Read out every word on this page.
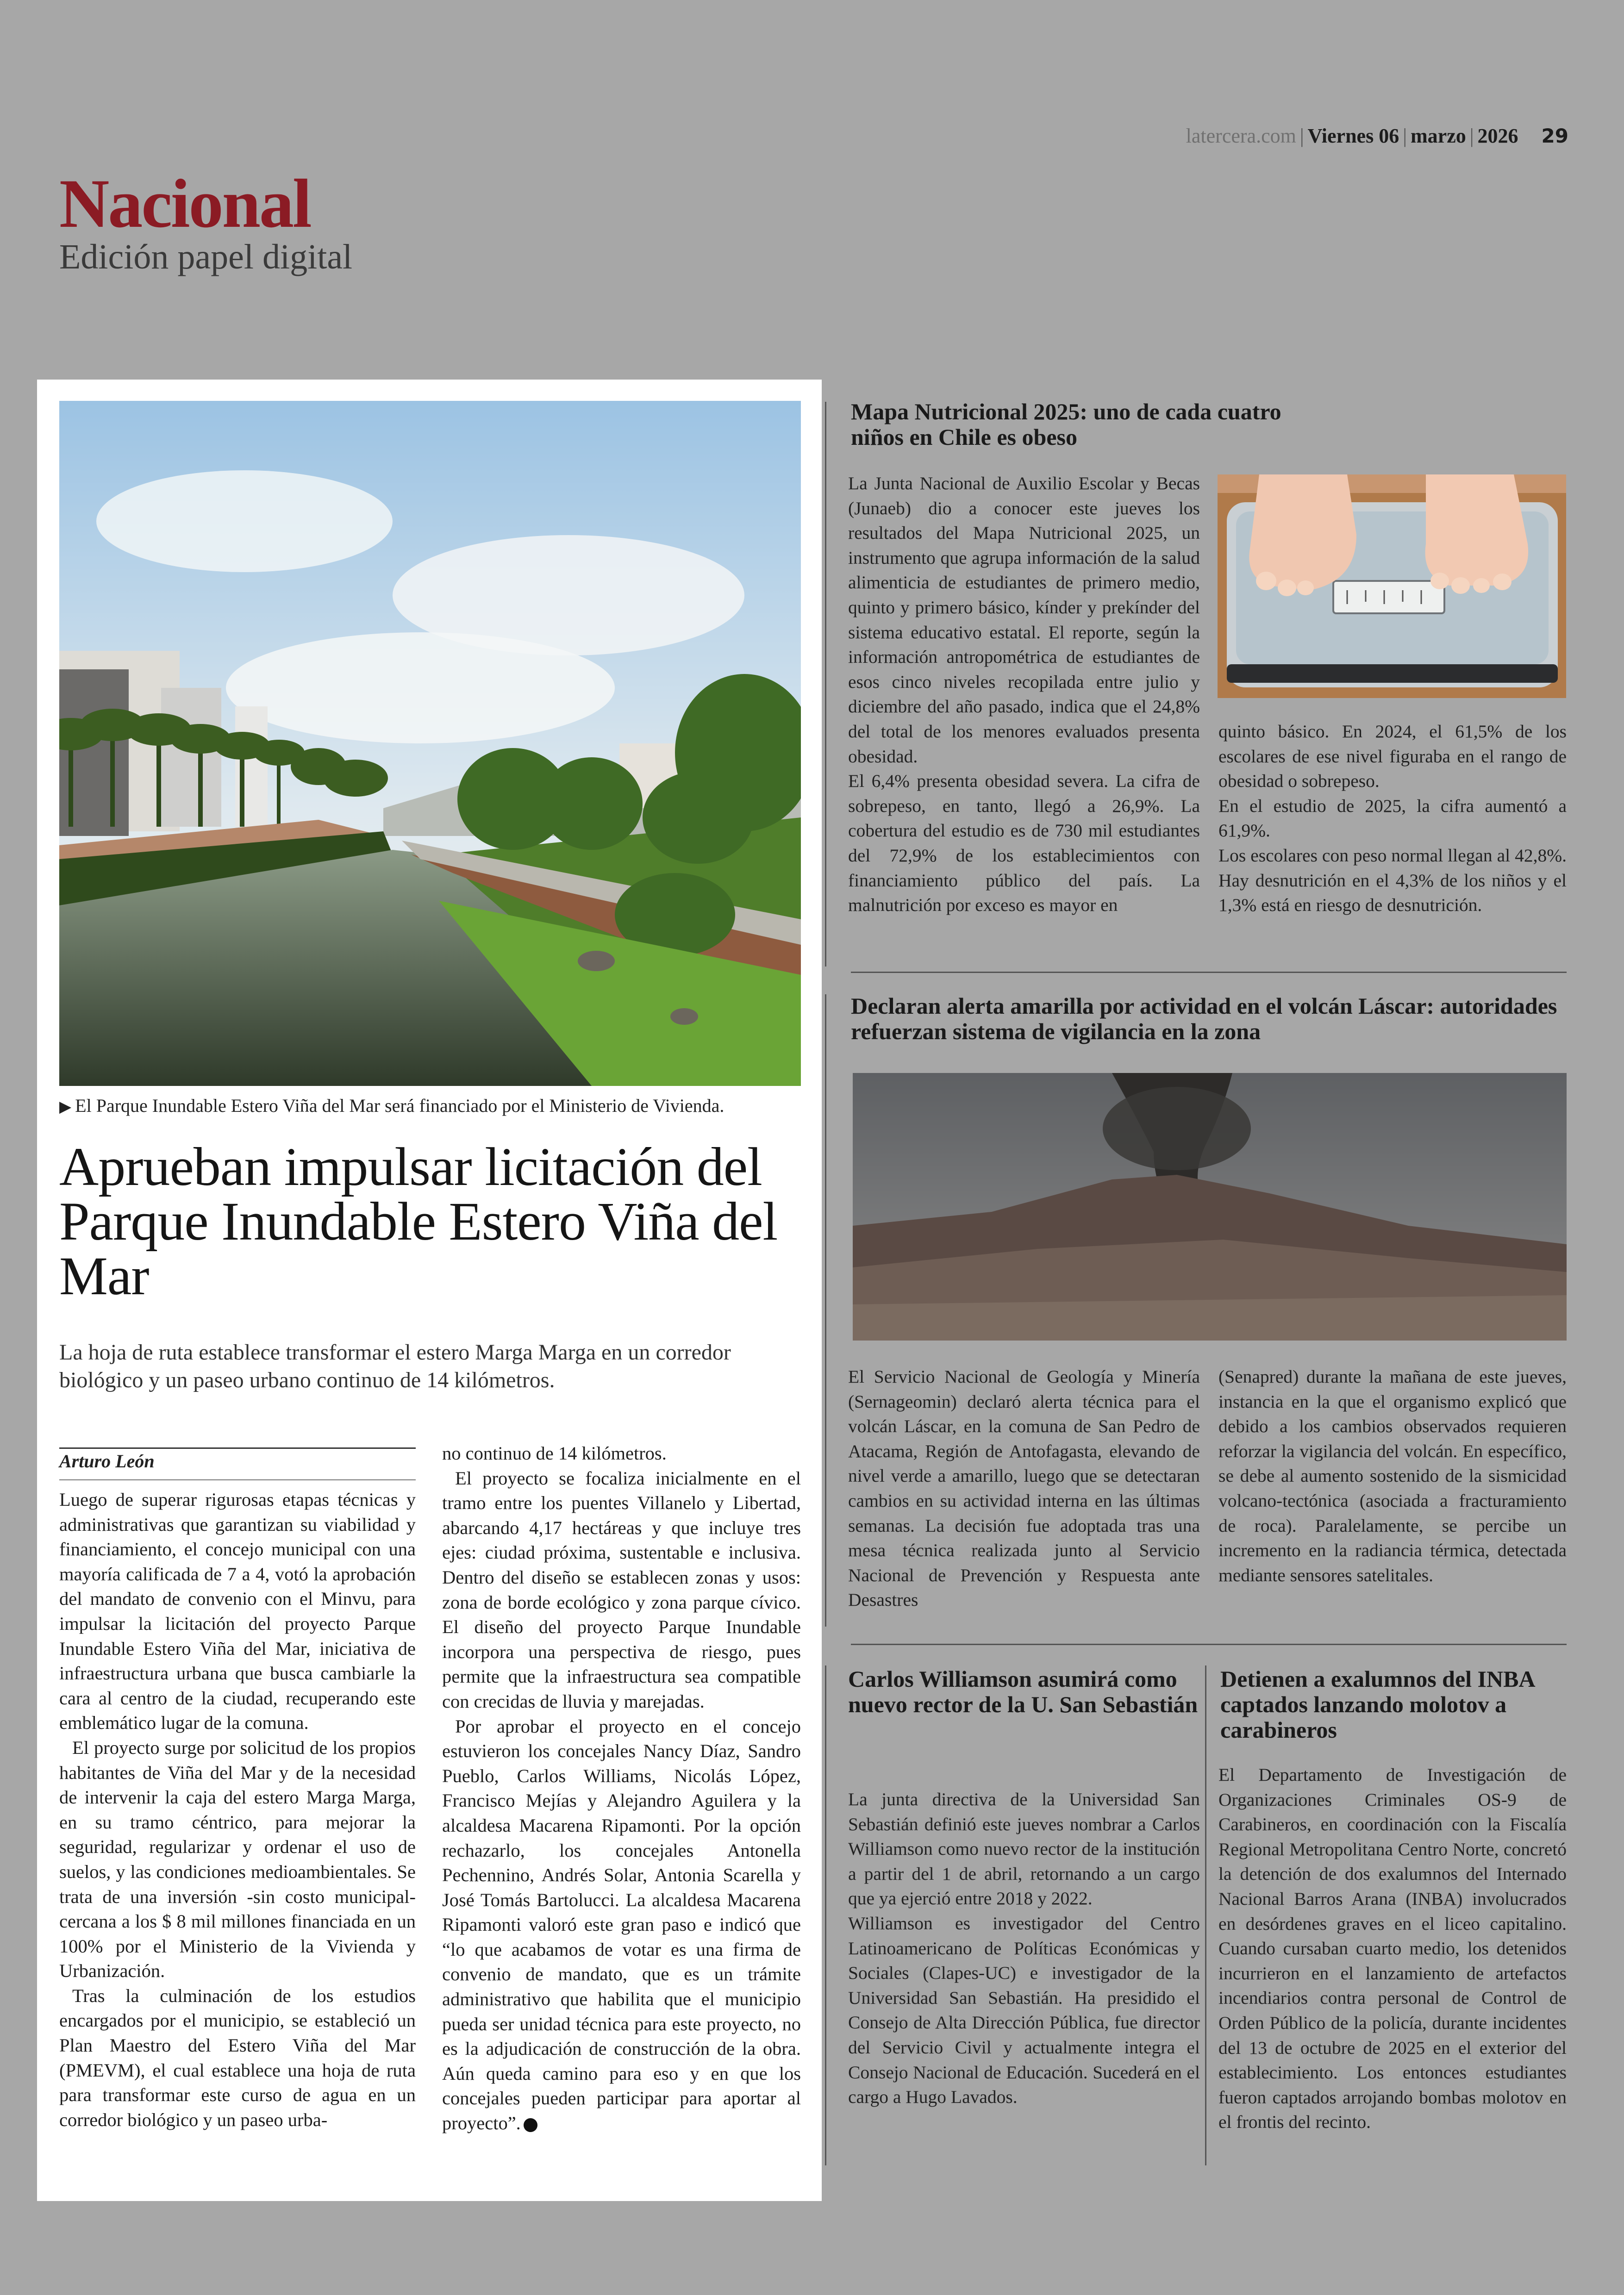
latercera.com | Viernes 06 | marzo | 2026 29
Nacional
Edición papel digital
▶ El Parque Inundable Estero Viña del Mar será financiado por el Ministerio de Vivienda.
Aprueban impulsar licitación del Parque Inundable Estero Viña del Mar
La hoja de ruta establece transformar el estero Marga Marga en un corredor biológico y un paseo urbano continuo de 14 kilómetros.
Arturo León

Luego de superar rigurosas etapas técnicas y administrativas que garantizan su viabilidad y financiamiento, el concejo municipal con una mayoría calificada de 7 a 4, votó la aprobación del mandato de convenio con el Minvu, para impulsar la licitación del proyecto Parque Inundable Estero Viña del Mar, iniciativa de infraestructura urbana que busca cambiarle la cara al centro de la ciudad, recuperando este emblemático lugar de la comuna.

El proyecto surge por solicitud de los propios habitantes de Viña del Mar y de la necesidad de intervenir la caja del estero Marga Marga, en su tramo céntrico, para mejorar la seguridad, regularizar y ordenar el uso de suelos, y las condiciones medioambientales. Se trata de una inversión -sin costo municipal- cercana a los $ 8 mil millones financiada en un 100% por el Ministerio de la Vivienda y Urbanización.

Tras la culminación de los estudios encargados por el municipio, se estableció un Plan Maestro del Estero Viña del Mar (PMEVM), el cual establece una hoja de ruta para transformar este curso de agua en un corredor biológico y un paseo urba-

no continuo de 14 kilómetros.

El proyecto se focaliza inicialmente en el tramo entre los puentes Villanelo y Libertad, abarcando 4,17 hectáreas y que incluye tres ejes: ciudad próxima, sustentable e inclusiva. Dentro del diseño se establecen zonas y usos: zona de borde ecológico y zona parque cívico. El diseño del proyecto Parque Inundable incorpora una perspectiva de riesgo, pues permite que la infraestructura sea compatible con crecidas de lluvia y marejadas.

Por aprobar el proyecto en el concejo estuvieron los concejales Nancy Díaz, Sandro Pueblo, Carlos Williams, Nicolás López, Francisco Mejías y Alejandro Aguilera y la alcaldesa Macarena Ripamonti. Por la opción rechazarlo, los concejales Antonella Pechennino, Andrés Solar, Antonia Scarella y José Tomás Bartolucci. La alcaldesa Macarena Ripamonti valoró este gran paso e indicó que “lo que acabamos de votar es una firma de convenio de mandato, que es un trámite administrativo que habilita que el municipio pueda ser unidad técnica para este proyecto, no es la adjudicación de construcción de la obra. Aún queda camino para eso y en que los concejales pueden participar para aportar al proyecto”.

Mapa Nutricional 2025: uno de cada cuatro niños en Chile es obeso

La Junta Nacional de Auxilio Escolar y Becas (Junaeb) dio a conocer este jueves los resultados del Mapa Nutricional 2025, un instrumento que agrupa información de la salud alimenticia de estudiantes de primero medio, quinto y primero básico, kínder y prekínder del sistema educativo estatal. El reporte, según la información antropométrica de estudiantes de esos cinco niveles recopilada entre julio y diciembre del año pasado, indica que el 24,8% del total de los menores evaluados presenta obesidad.

El 6,4% presenta obesidad severa. La cifra de sobrepeso, en tanto, llegó a 26,9%. La cobertura del estudio es de 730 mil estudiantes del 72,9% de los establecimientos con financiamiento público del país. La malnutrición por exceso es mayor en

quinto básico. En 2024, el 61,5% de los escolares de ese nivel figuraba en el rango de obesidad o sobrepeso.

En el estudio de 2025, la cifra aumentó a 61,9%.

Los escolares con peso normal llegan al 42,8%. Hay desnutrición en el 4,3% de los niños y el 1,3% está en riesgo de desnutrición.

Declaran alerta amarilla por actividad en el volcán Láscar: autoridades refuerzan sistema de vigilancia en la zona

El Servicio Nacional de Geología y Minería (Sernageomin) declaró alerta técnica para el volcán Láscar, en la comuna de San Pedro de Atacama, Región de Antofagasta, elevando de nivel verde a amarillo, luego que se detectaran cambios en su actividad interna en las últimas semanas. La decisión fue adoptada tras una mesa técnica realizada junto al Servicio Nacional de Prevención y Respuesta ante Desastres

(Senapred) durante la mañana de este jueves, instancia en la que el organismo explicó que debido a los cambios observados requieren reforzar la vigilancia del volcán. En específico, se debe al aumento sostenido de la sismicidad volcano-tectónica (asociada a fracturamiento de roca). Paralelamente, se percibe un incremento en la radiancia térmica, detectada mediante sensores satelitales.

Carlos Williamson asumirá como nuevo rector de la U. San Sebastián

La junta directiva de la Universidad San Sebastián definió este jueves nombrar a Carlos Williamson como nuevo rector de la institución a partir del 1 de abril, retornando a un cargo que ya ejerció entre 2018 y 2022.

Williamson es investigador del Centro Latinoamericano de Políticas Económicas y Sociales (Clapes-UC) e investigador de la Universidad San Sebastián. Ha presidido el Consejo de Alta Dirección Pública, fue director del Servicio Civil y actualmente integra el Consejo Nacional de Educación. Sucederá en el cargo a Hugo Lavados.

Detienen a exalumnos del INBA captados lanzando molotov a carabineros

El Departamento de Investigación de Organizaciones Criminales OS-9 de Carabineros, en coordinación con la Fiscalía Regional Metropolitana Centro Norte, concretó la detención de dos exalumnos del Internado Nacional Barros Arana (INBA) involucrados en desórdenes graves en el liceo capitalino. Cuando cursaban cuarto medio, los detenidos incurrieron en el lanzamiento de artefactos incendiarios contra personal de Control de Orden Público de la policía, durante incidentes del 13 de octubre de 2025 en el exterior del establecimiento. Los entonces estudiantes fueron captados arrojando bombas molotov en el frontis del recinto.
